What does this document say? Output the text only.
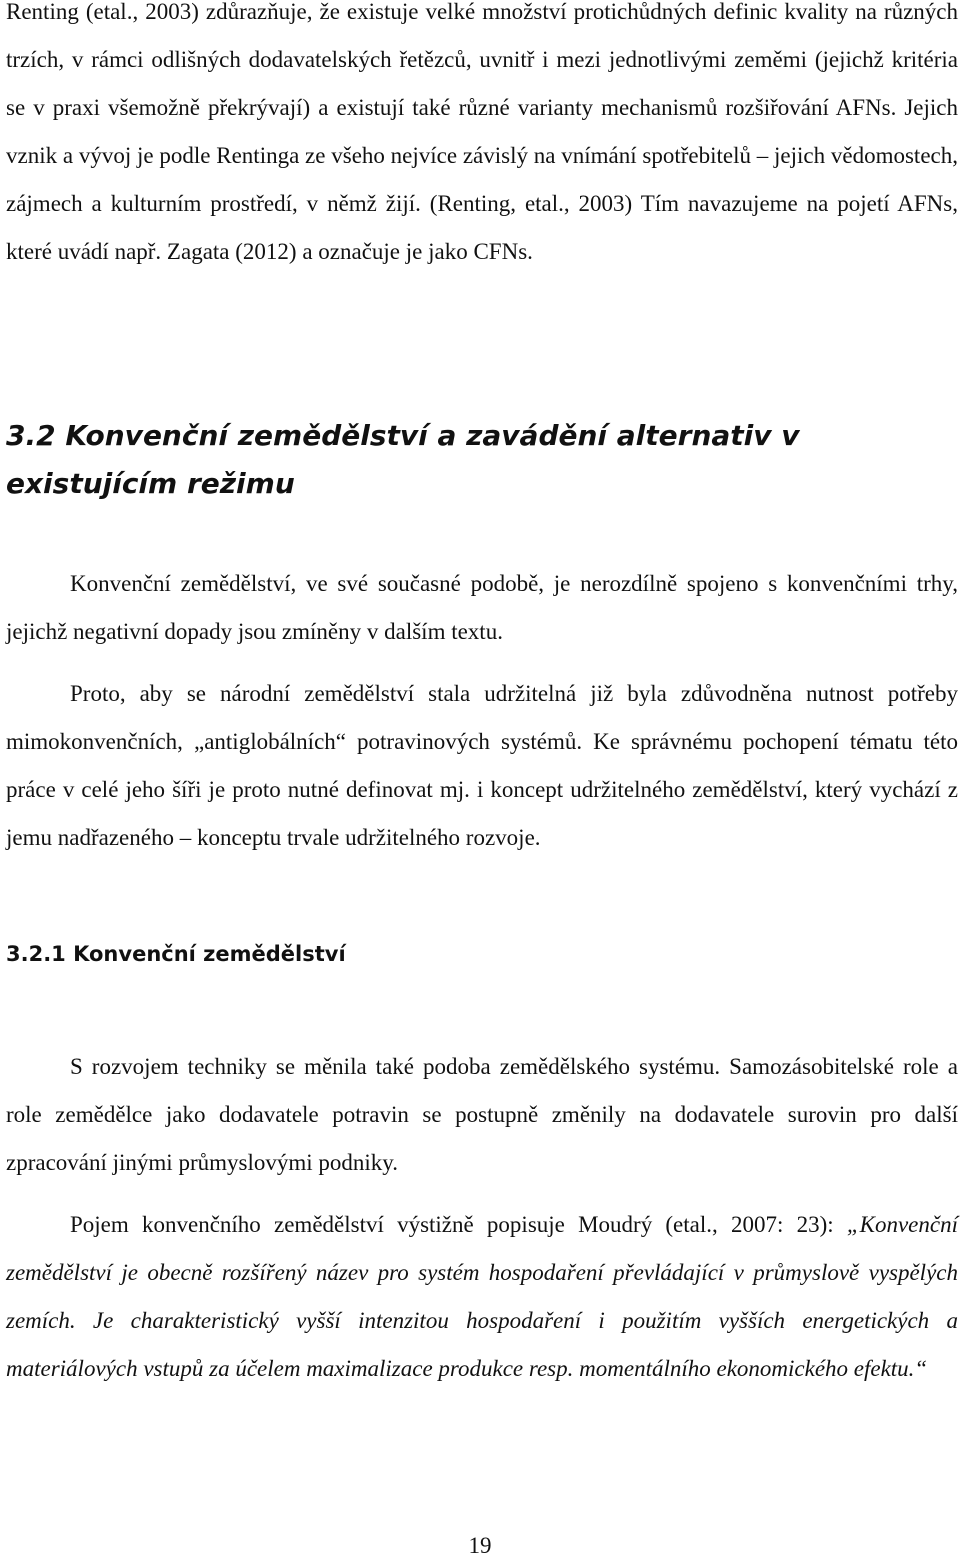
Renting (etal., 2003) zdůrazňuje, že existuje velké množství protichůdných definic kvality na různých trzích, v rámci odlišných dodavatelských řetězců, uvnitř i mezi jednotlivými zeměmi (jejichž kritéria se v praxi všemožně překrývají) a existují také různé varianty mechanismů rozšiřování AFNs. Jejich vznik a vývoj je podle Rentinga ze všeho nejvíce závislý na vnímání spotřebitelů – jejich vědomostech, zájmech a kulturním prostředí, v němž žijí. (Renting, etal., 2003) Tím navazujeme na pojetí AFNs, které uvádí např. Zagata (2012) a označuje je jako CFNs.

3.2 Konvenční zemědělství a zavádění alternativ v existujícím režimu

Konvenční zemědělství, ve své současné podobě, je nerozdílně spojeno s konvenčními trhy, jejichž negativní dopady jsou zmíněny v dalším textu.

Proto, aby se národní zemědělství stala udržitelná již byla zdůvodněna nutnost potřeby mimokonvenčních, „antiglobálních“ potravinových systémů. Ke správnému pochopení tématu této práce v celé jeho šíři je proto nutné definovat mj. i koncept udržitelného zemědělství, který vychází z jemu nadřazeného – konceptu trvale udržitelného rozvoje.

3.2.1 Konvenční zemědělství

S rozvojem techniky se měnila také podoba zemědělského systému. Samozásobitelské role a role zemědělce jako dodavatele potravin se postupně změnily na dodavatele surovin pro další zpracování jinými průmyslovými podniky.

Pojem konvenčního zemědělství výstižně popisuje Moudrý (etal., 2007: 23): „Konvenční zemědělství je obecně rozšířený název pro systém hospodaření převládající v průmyslově vyspělých zemích. Je charakteristický vyšší intenzitou hospodaření i použitím vyšších energetických a materiálových vstupů za účelem maximalizace produkce resp. momentálního ekonomického efektu.“

19
